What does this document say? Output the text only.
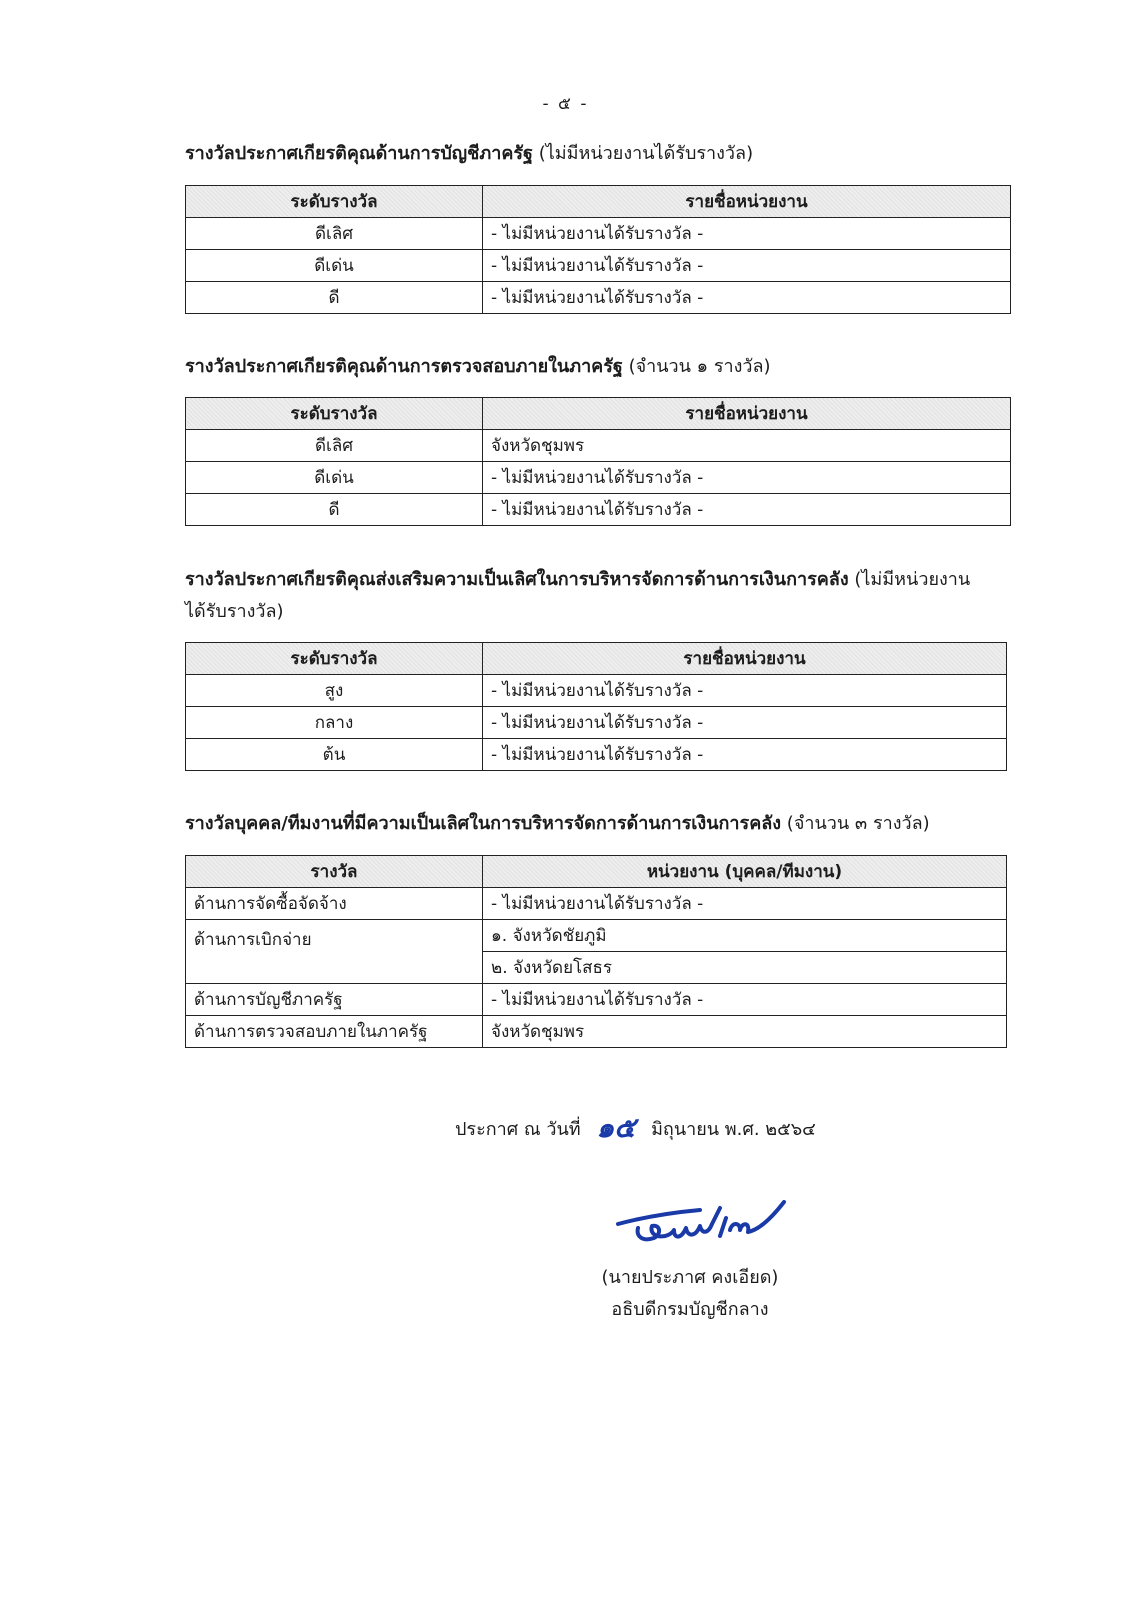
- ๕ -

รางวัลประกาศเกียรติคุณด้านการบัญชีภาครัฐ (ไม่มีหน่วยงานได้รับรางวัล)

ระดับรางวัล	รายชื่อหน่วยงาน
ดีเลิศ	- ไม่มีหน่วยงานได้รับรางวัล -
ดีเด่น	- ไม่มีหน่วยงานได้รับรางวัล -
ดี	- ไม่มีหน่วยงานได้รับรางวัล -

รางวัลประกาศเกียรติคุณด้านการตรวจสอบภายในภาครัฐ (จำนวน ๑ รางวัล)

ระดับรางวัล	รายชื่อหน่วยงาน
ดีเลิศ	จังหวัดชุมพร
ดีเด่น	- ไม่มีหน่วยงานได้รับรางวัล -
ดี	- ไม่มีหน่วยงานได้รับรางวัล -

รางวัลประกาศเกียรติคุณส่งเสริมความเป็นเลิศในการบริหารจัดการด้านการเงินการคลัง (ไม่มีหน่วยงาน
ได้รับรางวัล)

ระดับรางวัล	รายชื่อหน่วยงาน
สูง	- ไม่มีหน่วยงานได้รับรางวัล -
กลาง	- ไม่มีหน่วยงานได้รับรางวัล -
ต้น	- ไม่มีหน่วยงานได้รับรางวัล -

รางวัลบุคคล/ทีมงานที่มีความเป็นเลิศในการบริหารจัดการด้านการเงินการคลัง (จำนวน ๓ รางวัล)

รางวัล	หน่วยงาน (บุคคล/ทีมงาน)
ด้านการจัดซื้อจัดจ้าง	- ไม่มีหน่วยงานได้รับรางวัล -
ด้านการเบิกจ่าย	๑. จังหวัดชัยภูมิ
	๒. จังหวัดยโสธร
ด้านการบัญชีภาครัฐ	- ไม่มีหน่วยงานได้รับรางวัล -
ด้านการตรวจสอบภายในภาครัฐ	จังหวัดชุมพร
ประกาศ ณ วันที่ ๑๕ มิถุนายน พ.ศ. ๒๕๖๔
(นายประภาศ คงเอียด)
อธิบดีกรมบัญชีกลาง
